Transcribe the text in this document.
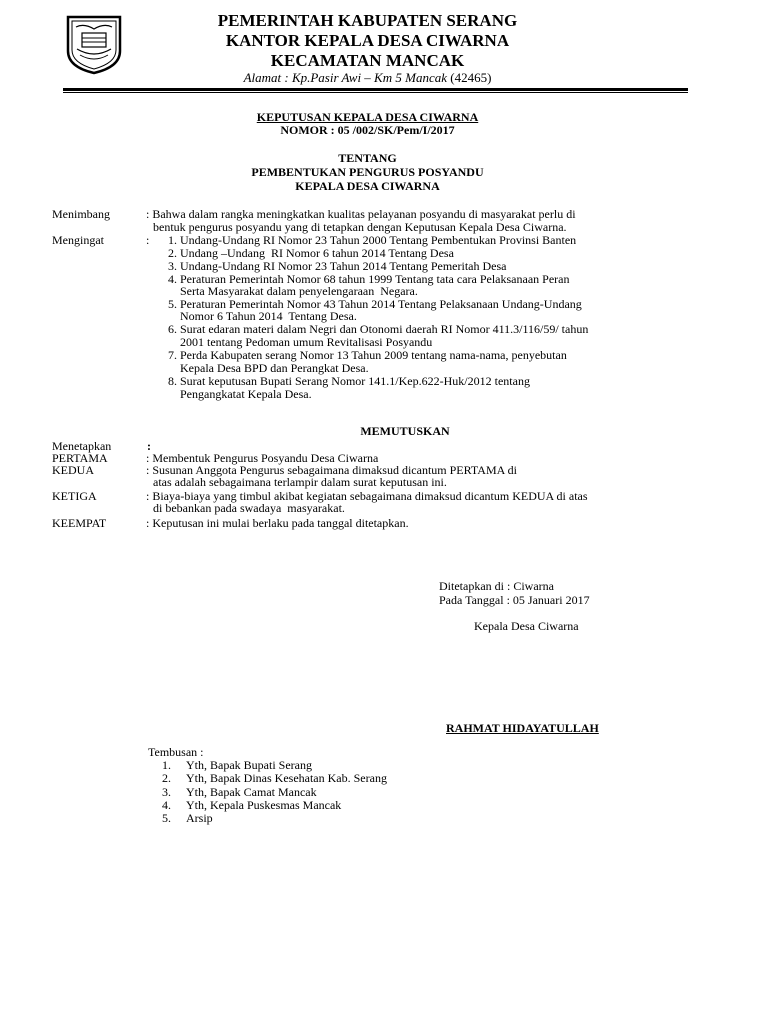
PEMERINTAH KABUPATEN SERANG
KANTOR KEPALA DESA CIWARNA
KECAMATAN MANCAK
Alamat : Kp.Pasir Awi – Km 5 Mancak (42465)
KEPUTUSAN KEPALA DESA CIWARNA
NOMOR : 05 /002/SK/Pem/I/2017
TENTANG
PEMBENTUKAN PENGURUS POSYANDU
KEPALA DESA CIWARNA
Menimbang	: Bahwa dalam rangka meningkatkan kualitas pelayanan posyandu di masyarakat perlu di
bentuk pengurus posyandu yang di tetapkan dengan Keputusan Kepala Desa Ciwarna.
Mengingat	: 1. Undang-Undang RI Nomor 23 Tahun 2000 Tentang Pembentukan Provinsi Banten
2. Undang –Undang  RI Nomor 6 tahun 2014 Tentang Desa
3. Undang-Undang RI Nomor 23 Tahun 2014 Tentang Pemeritah Desa
4. Peraturan Pemerintah Nomor 68 tahun 1999 Tentang tata cara Pelaksanaan Peran
Serta Masyarakat dalam penyelengaraan  Negara.
5. Peraturan Pemerintah Nomor 43 Tahun 2014 Tentang Pelaksanaan Undang-Undang
Nomor 6 Tahun 2014  Tentang Desa.
6. Surat edaran materi dalam Negri dan Otonomi daerah RI Nomor 411.3/116/59/ tahun
2001 tentang Pedoman umum Revitalisasi Posyandu
7. Perda Kabupaten serang Nomor 13 Tahun 2009 tentang nama-nama, penyebutan
Kepala Desa BPD dan Perangkat Desa.
8. Surat keputusan Bupati Serang Nomor 141.1/Kep.622-Huk/2012 tentang
Pengangkatat Kepala Desa.
MEMUTUSKAN
Menetapkan	:
PERTAMA	: Membentuk Pengurus Posyandu Desa Ciwarna
KEDUA	: Susunan Anggota Pengurus sebagaimana dimaksud dicantum PERTAMA di
atas adalah sebagaimana terlampir dalam surat keputusan ini.
KETIGA	: Biaya-biaya yang timbul akibat kegiatan sebagaimana dimaksud dicantum KEDUA di atas
di bebankan pada swadaya  masyarakat.
KEEMPAT	: Keputusan ini mulai berlaku pada tanggal ditetapkan.
Ditetapkan di : Ciwarna
Pada Tanggal : 05 Januari 2017
Kepala Desa Ciwarna
RAHMAT HIDAYATULLAH
Tembusan :
1. Yth, Bapak Bupati Serang
2. Yth, Bapak Dinas Kesehatan Kab. Serang
3. Yth, Bapak Camat Mancak
4. Yth, Kepala Puskesmas Mancak
5. Arsip
